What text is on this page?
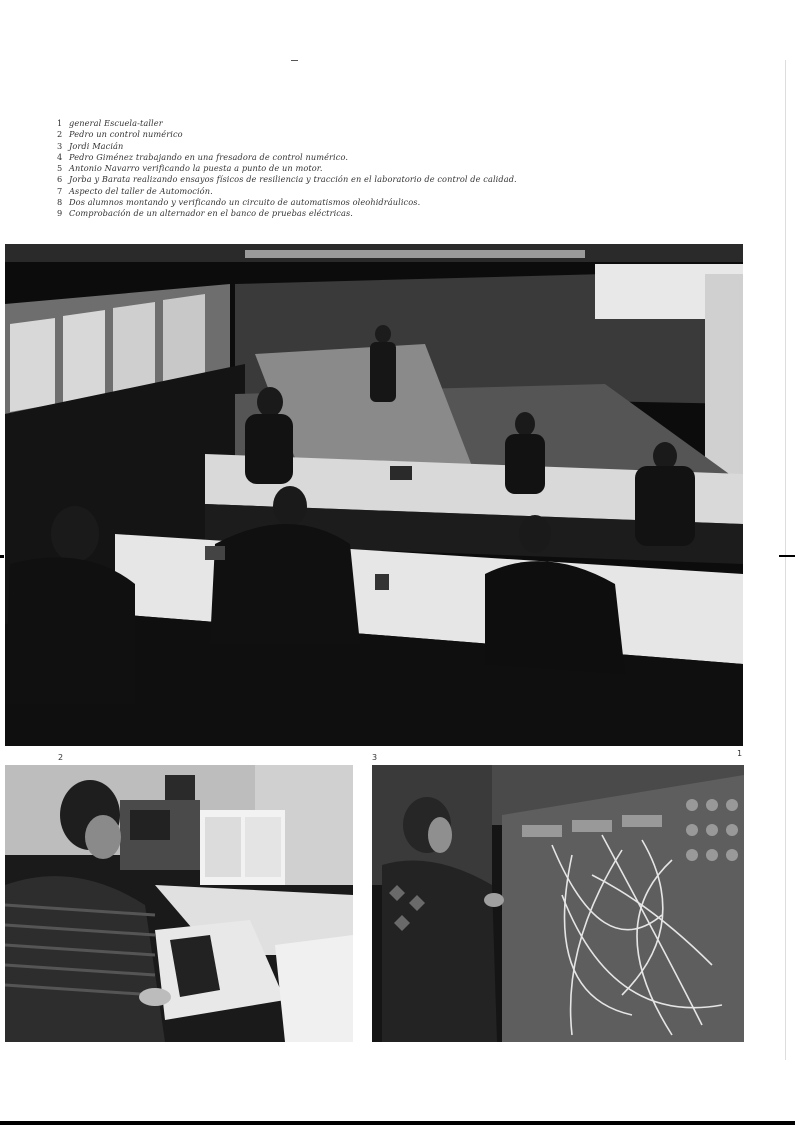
1 general Escuela-taller
2 Pedro un control numérico
3 Jordi Macián
4 Pedro Giménez trabajando en una fresadora de control numérico.
5 Antonio Navarro verificando la puesta a punto de un motor.
6 Jorba y Barata realizando ensayos físicos de resiliencia y tracción en el laboratorio de control de calidad.
7 Aspecto del taller de Automoción.
8 Dos alumnos montando y verificando un circuito de automatismos oleohidráulicos.
9 Comprobación de un alternador en el banco de pruebas eléctricas.
2	3	1
